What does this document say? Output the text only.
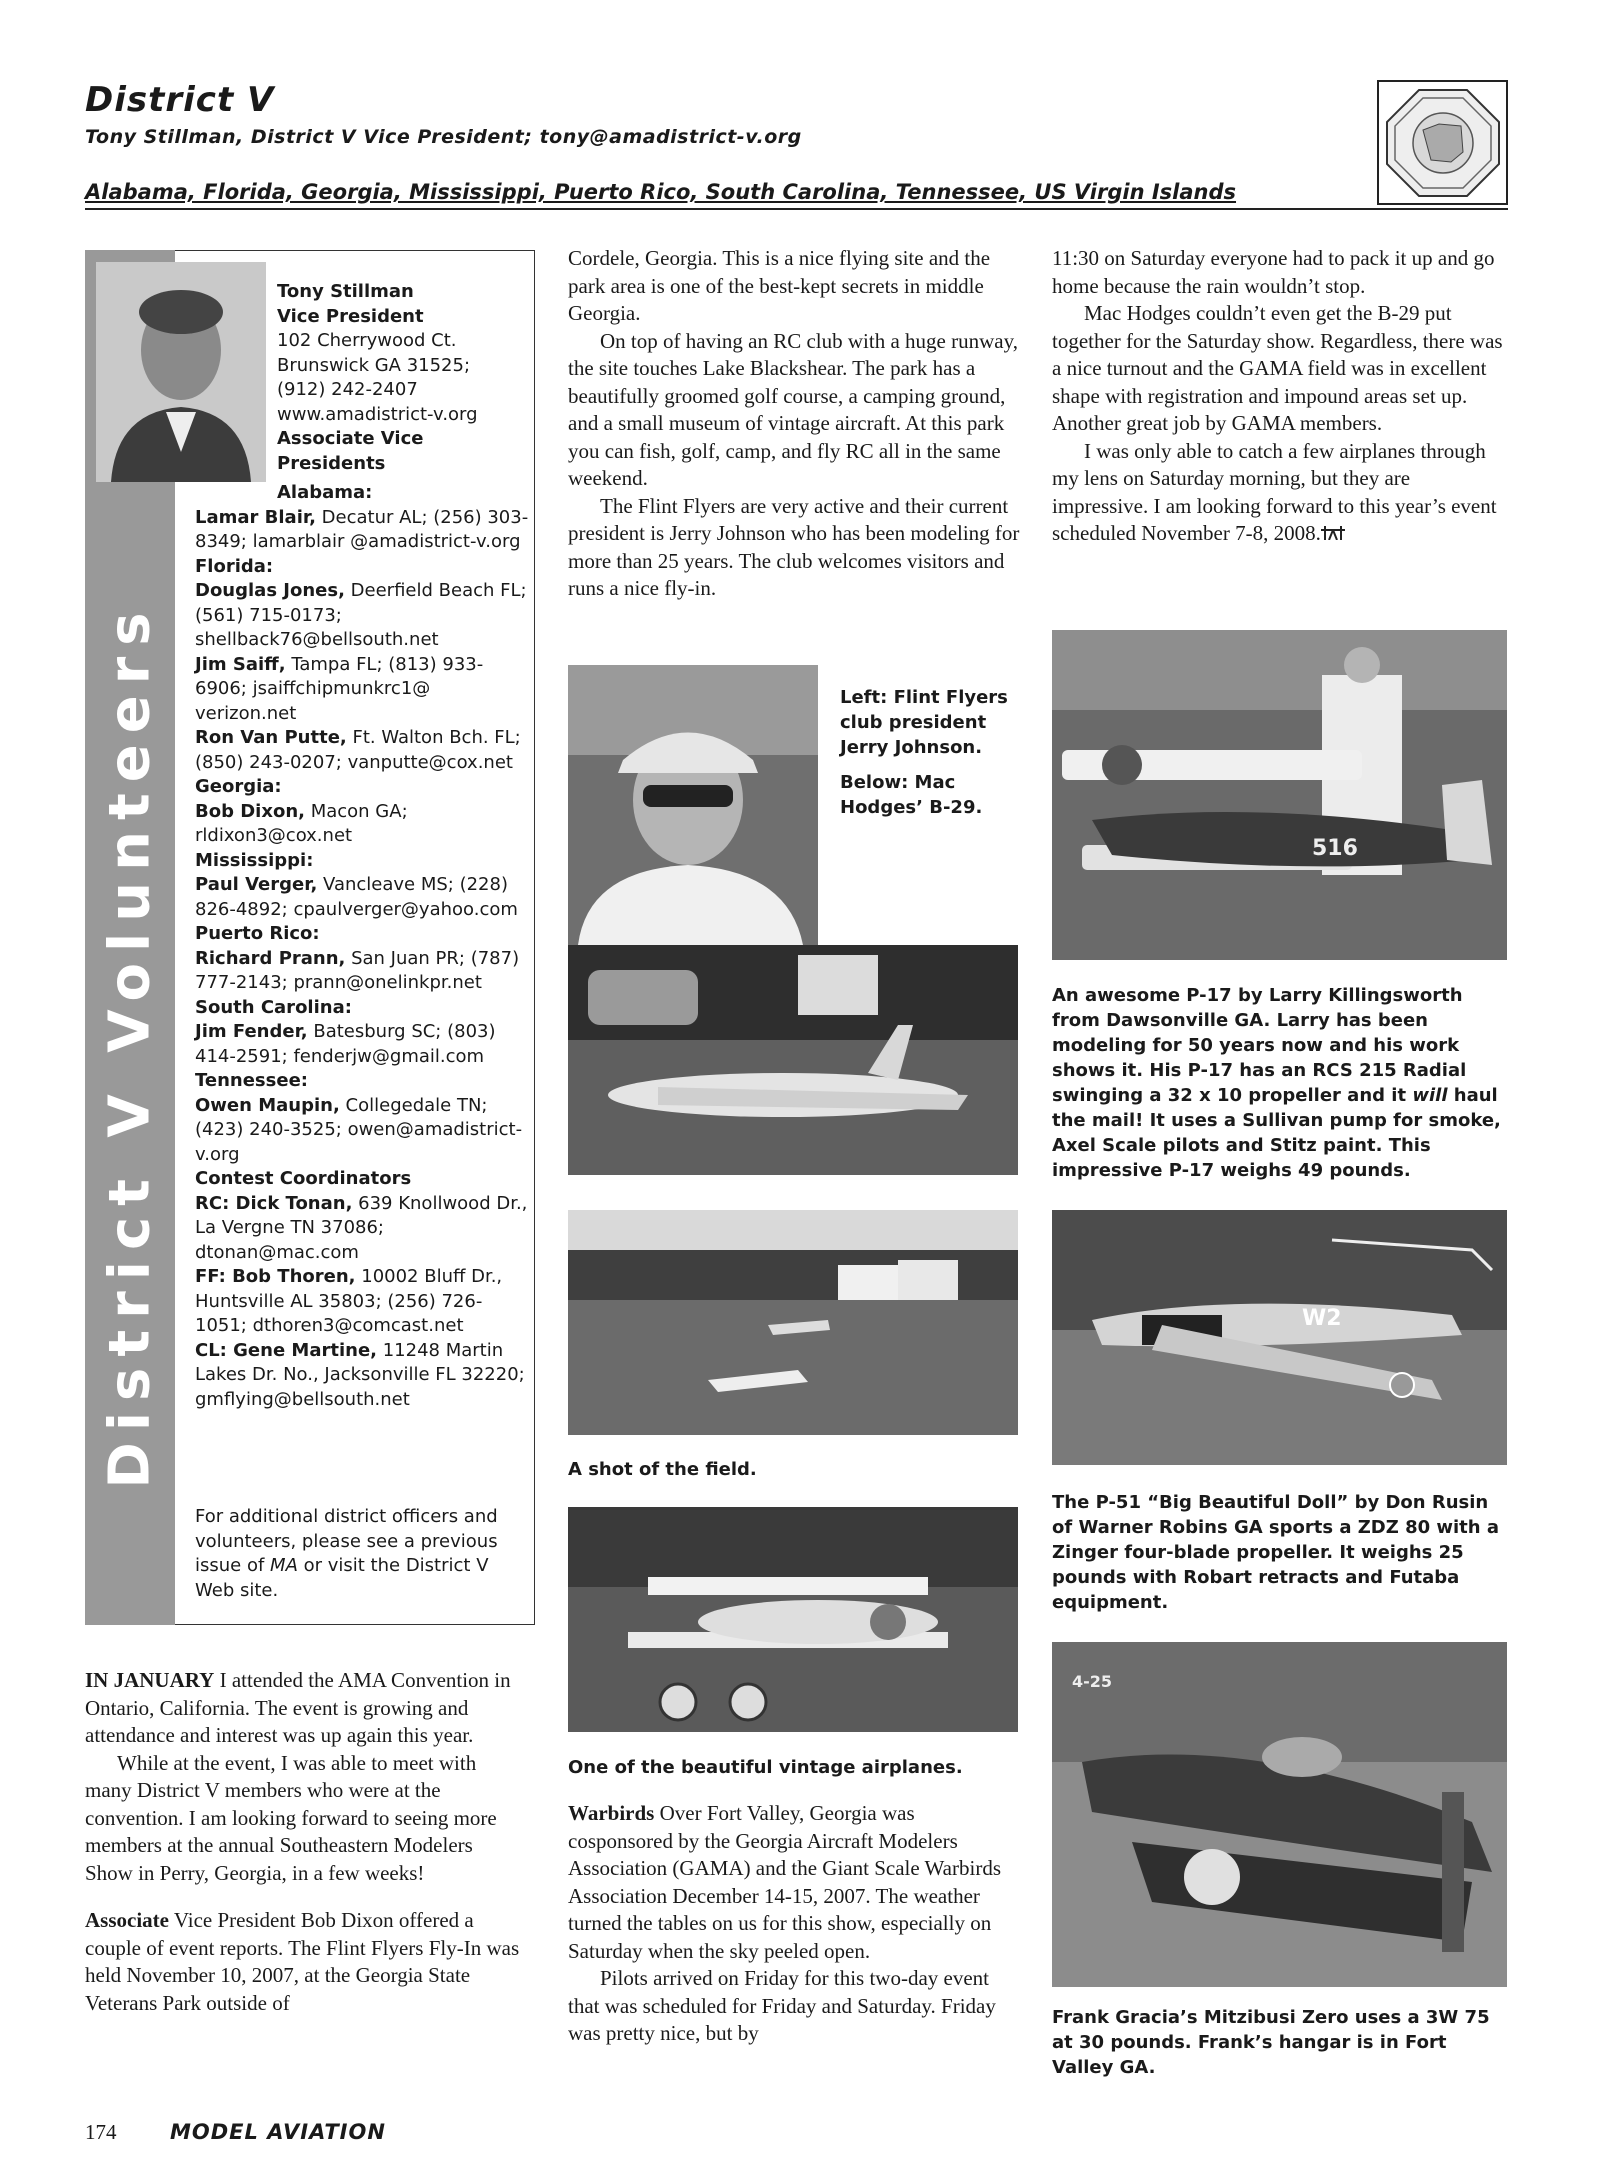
District V
Tony Stillman, District V Vice President; tony@amadistrict-v.org
Alabama, Florida, Georgia, Mississippi, Puerto Rico, South Carolina, Tennessee, US Virgin Islands
District V Volunteers
Tony Stillman
Vice President
102 Cherrywood Ct.
Brunswick GA 31525;
(912) 242-2407
www.amadistrict-v.org
Associate Vice Presidents
Alabama:
Lamar Blair, Decatur AL; (256) 303-8349; lamarblair @amadistrict-v.org
Florida:
Douglas Jones, Deerfield Beach FL; (561) 715-0173; shellback76@bellsouth.net
Jim Saiff, Tampa FL; (813) 933-6906; jsaiffchipmunkrc1@ verizon.net
Ron Van Putte, Ft. Walton Bch. FL; (850) 243-0207; vanputte@cox.net
Georgia:
Bob Dixon, Macon GA; rldixon3@cox.net
Mississippi:
Paul Verger, Vancleave MS; (228) 826-4892; cpaulverger@yahoo.com
Puerto Rico:
Richard Prann, San Juan PR; (787) 777-2143; prann@onelinkpr.net
South Carolina:
Jim Fender, Batesburg SC; (803) 414-2591; fenderjw@gmail.com
Tennessee:
Owen Maupin, Collegedale TN; (423) 240-3525; owen@amadistrict-v.org
Contest Coordinators
RC: Dick Tonan, 639 Knollwood Dr., La Vergne TN 37086; dtonan@mac.com
FF: Bob Thoren, 10002 Bluff Dr., Huntsville AL 35803; (256) 726-1051; dthoren3@comcast.net
CL: Gene Martine, 11248 Martin Lakes Dr. No., Jacksonville FL 32220; gmflying@bellsouth.net
For additional district officers and volunteers, please see a previous issue of MA or visit the District V Web site.

IN JANUARY I attended the AMA Convention in Ontario, California. The event is growing and attendance and interest was up again this year.

While at the event, I was able to meet with many District V members who were at the convention. I am looking forward to seeing more members at the annual Southeastern Modelers Show in Perry, Georgia, in a few weeks!

Associate Vice President Bob Dixon offered a couple of event reports. The Flint Flyers Fly-In was held November 10, 2007, at the Georgia State Veterans Park outside of

Cordele, Georgia. This is a nice flying site and the park area is one of the best-kept secrets in middle Georgia.

On top of having an RC club with a huge runway, the site touches Lake Blackshear. The park has a beautifully groomed golf course, a camping ground, and a small museum of vintage aircraft. At this park you can fish, golf, camp, and fly RC all in the same weekend.

The Flint Flyers are very active and their current president is Jerry Johnson who has been modeling for more than 25 years. The club welcomes visitors and runs a nice fly-in.

Left: Flint Flyers club president Jerry Johnson.
Below: Mac Hodges’ B-29.
A shot of the field.
One of the beautiful vintage airplanes.

Warbirds Over Fort Valley, Georgia was cosponsored by the Georgia Aircraft Modelers Association (GAMA) and the Giant Scale Warbirds Association December 14-15, 2007. The weather turned the tables on us for this show, especially on Saturday when the sky peeled open.

Pilots arrived on Friday for this two-day event that was scheduled for Friday and Saturday. Friday was pretty nice, but by

11:30 on Saturday everyone had to pack it up and go home because the rain wouldn’t stop.

Mac Hodges couldn’t even get the B-29 put together for the Saturday show. Regardless, there was a nice turnout and the GAMA field was in excellent shape with registration and impound areas set up. Another great job by GAMA members.

I was only able to catch a few airplanes through my lens on Saturday morning, but they are impressive. I am looking forward to this year’s event scheduled November 7-8, 2008.

516
An awesome P-17 by Larry Killingsworth from Dawsonville GA. Larry has been modeling for 50 years now and his work shows it. His P-17 has an RCS 215 Radial swinging a 32 x 10 propeller and it will haul the mail! It uses a Sullivan pump for smoke, Axel Scale pilots and Stitz paint. This impressive P-17 weighs 49 pounds.
W2
The P-51 “Big Beautiful Doll” by Don Rusin of Warner Robins GA sports a ZDZ 80 with a Zinger four-blade propeller. It weighs 25 pounds with Robart retracts and Futaba equipment.
4-25
Frank Gracia’s Mitzibusi Zero uses a 3W 75 at 30 pounds. Frank’s hangar is in Fort Valley GA.
174	MODEL AVIATION
